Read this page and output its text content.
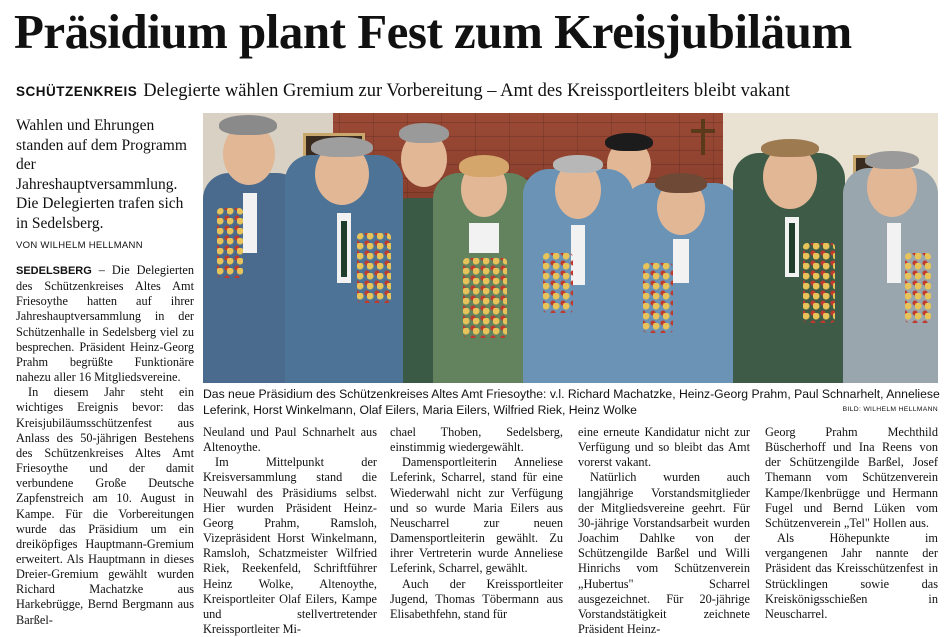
Präsidium plant Fest zum Kreisjubiläum
SCHÜTZENKREIS Delegierte wählen Gremium zur Vorbereitung – Amt des Kreissportleiters bleibt vakant
Wahlen und Ehrungen standen auf dem Programm der Jahreshauptversammlung. Die Delegierten trafen sich in Sedelsberg.
VON WILHELM HELLMANN
Das neue Präsidium des Schützenkreises Altes Amt Friesoythe: v.l. Richard Machatzke, Heinz-Georg Prahm, Paul Schnarhelt, Anneliese Leferink, Horst Winkelmann, Olaf Eilers, Maria Eilers, Wilfried Riek, Heinz Wolke	BILD: WILHELM HELLMANN

SEDELSBERG – Die Delegierten des Schützenkreises Altes Amt Friesoythe hatten auf ihrer Jahreshauptversammlung in der Schützenhalle in Sedelsberg viel zu besprechen. Präsident Heinz-Georg Prahm begrüßte Funktionäre nahezu aller 16 Mitgliedsvereine.

In diesem Jahr steht ein wichtiges Ereignis bevor: das Kreisjubiläumsschützenfest aus Anlass des 50-jährigen Bestehens des Schützenkreises Altes Amt Friesoythe und der damit verbundene Große Deutsche Zapfenstreich am 10. August in Kampe. Für die Vorbereitungen wurde das Präsidium um ein dreiköpfiges Hauptmann-Gremium erweitert. Als Hauptmann in dieses Dreier-Gremium gewählt wurden Richard Machatzke aus Harkebrügge, Bernd Bergmann aus Barßel-

Neuland und Paul Schnarhelt aus Altenoythe.

Im Mittelpunkt der Kreisversammlung stand die Neuwahl des Präsidiums selbst. Hier wurden Präsident Heinz-Georg Prahm, Ramsloh, Vizepräsident Horst Winkelmann, Ramsloh, Schatzmeister Wilfried Riek, Reekenfeld, Schriftführer Heinz Wolke, Altenoythe, Kreisportleiter Olaf Eilers, Kampe und stellvertretender Kreissportleiter Mi-

chael Thoben, Sedelsberg, einstimmig wiedergewählt.

Damensportleiterin Anneliese Leferink, Scharrel, stand für eine Wiederwahl nicht zur Verfügung und so wurde Maria Eilers aus Neuscharrel zur neuen Damensportleiterin gewählt. Zu ihrer Vertreterin wurde Anneliese Leferink, Scharrel, gewählt.

Auch der Kreissportleiter Jugend, Thomas Töbermann aus Elisabethfehn, stand für

eine erneute Kandidatur nicht zur Verfügung und so bleibt das Amt vorerst vakant.

Natürlich wurden auch langjährige Vorstandsmitglieder der Mitgliedsvereine geehrt. Für 30-jährige Vorstandsarbeit wurden Joachim Dahlke von der Schützengilde Barßel und Willi Hinrichs vom Schützenverein „Hubertus" Scharrel ausgezeichnet. Für 20-jährige Vorstandstätigkeit zeichnete Präsident Heinz-

Georg Prahm Mechthild Büscherhoff und Ina Reens von der Schützengilde Barßel, Josef Themann vom Schützenverein Kampe/Ikenbrügge und Hermann Fugel und Bernd Lüken vom Schützenverein „Tel" Hollen aus.

Als Höhepunkte im vergangenen Jahr nannte der Präsident das Kreisschützenfest in Strücklingen sowie das Kreiskönigsschießen in Neuscharrel.
